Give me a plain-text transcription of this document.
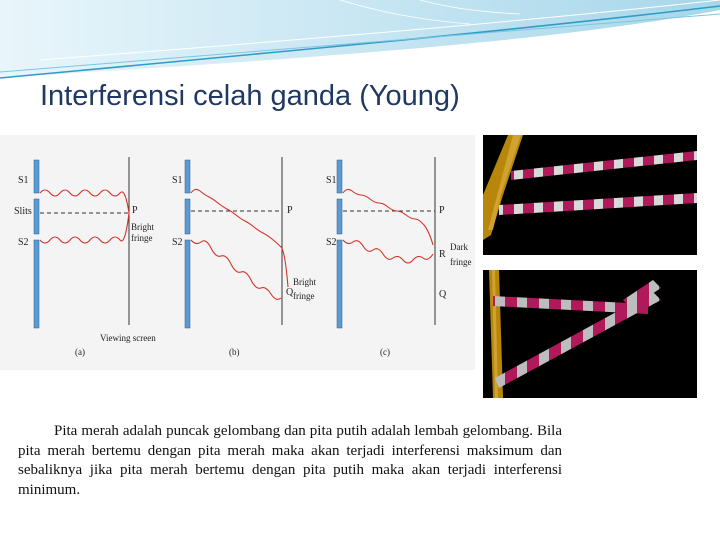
Interferensi celah ganda (Young)
S1
Slits
S2
P
Bright
fringe
Viewing screen
(a)
S1
S2
P
Q
Bright
fringe
(b)
S1
S2
P
R
Q
Dark
fringe
(c)

Pita merah adalah puncak gelombang dan pita putih adalah lembah gelombang. Bila pita merah bertemu dengan pita merah maka akan terjadi interferensi maksimum dan sebaliknya jika pita merah bertemu dengan pita putih maka akan terjadi interferensi minimum.
